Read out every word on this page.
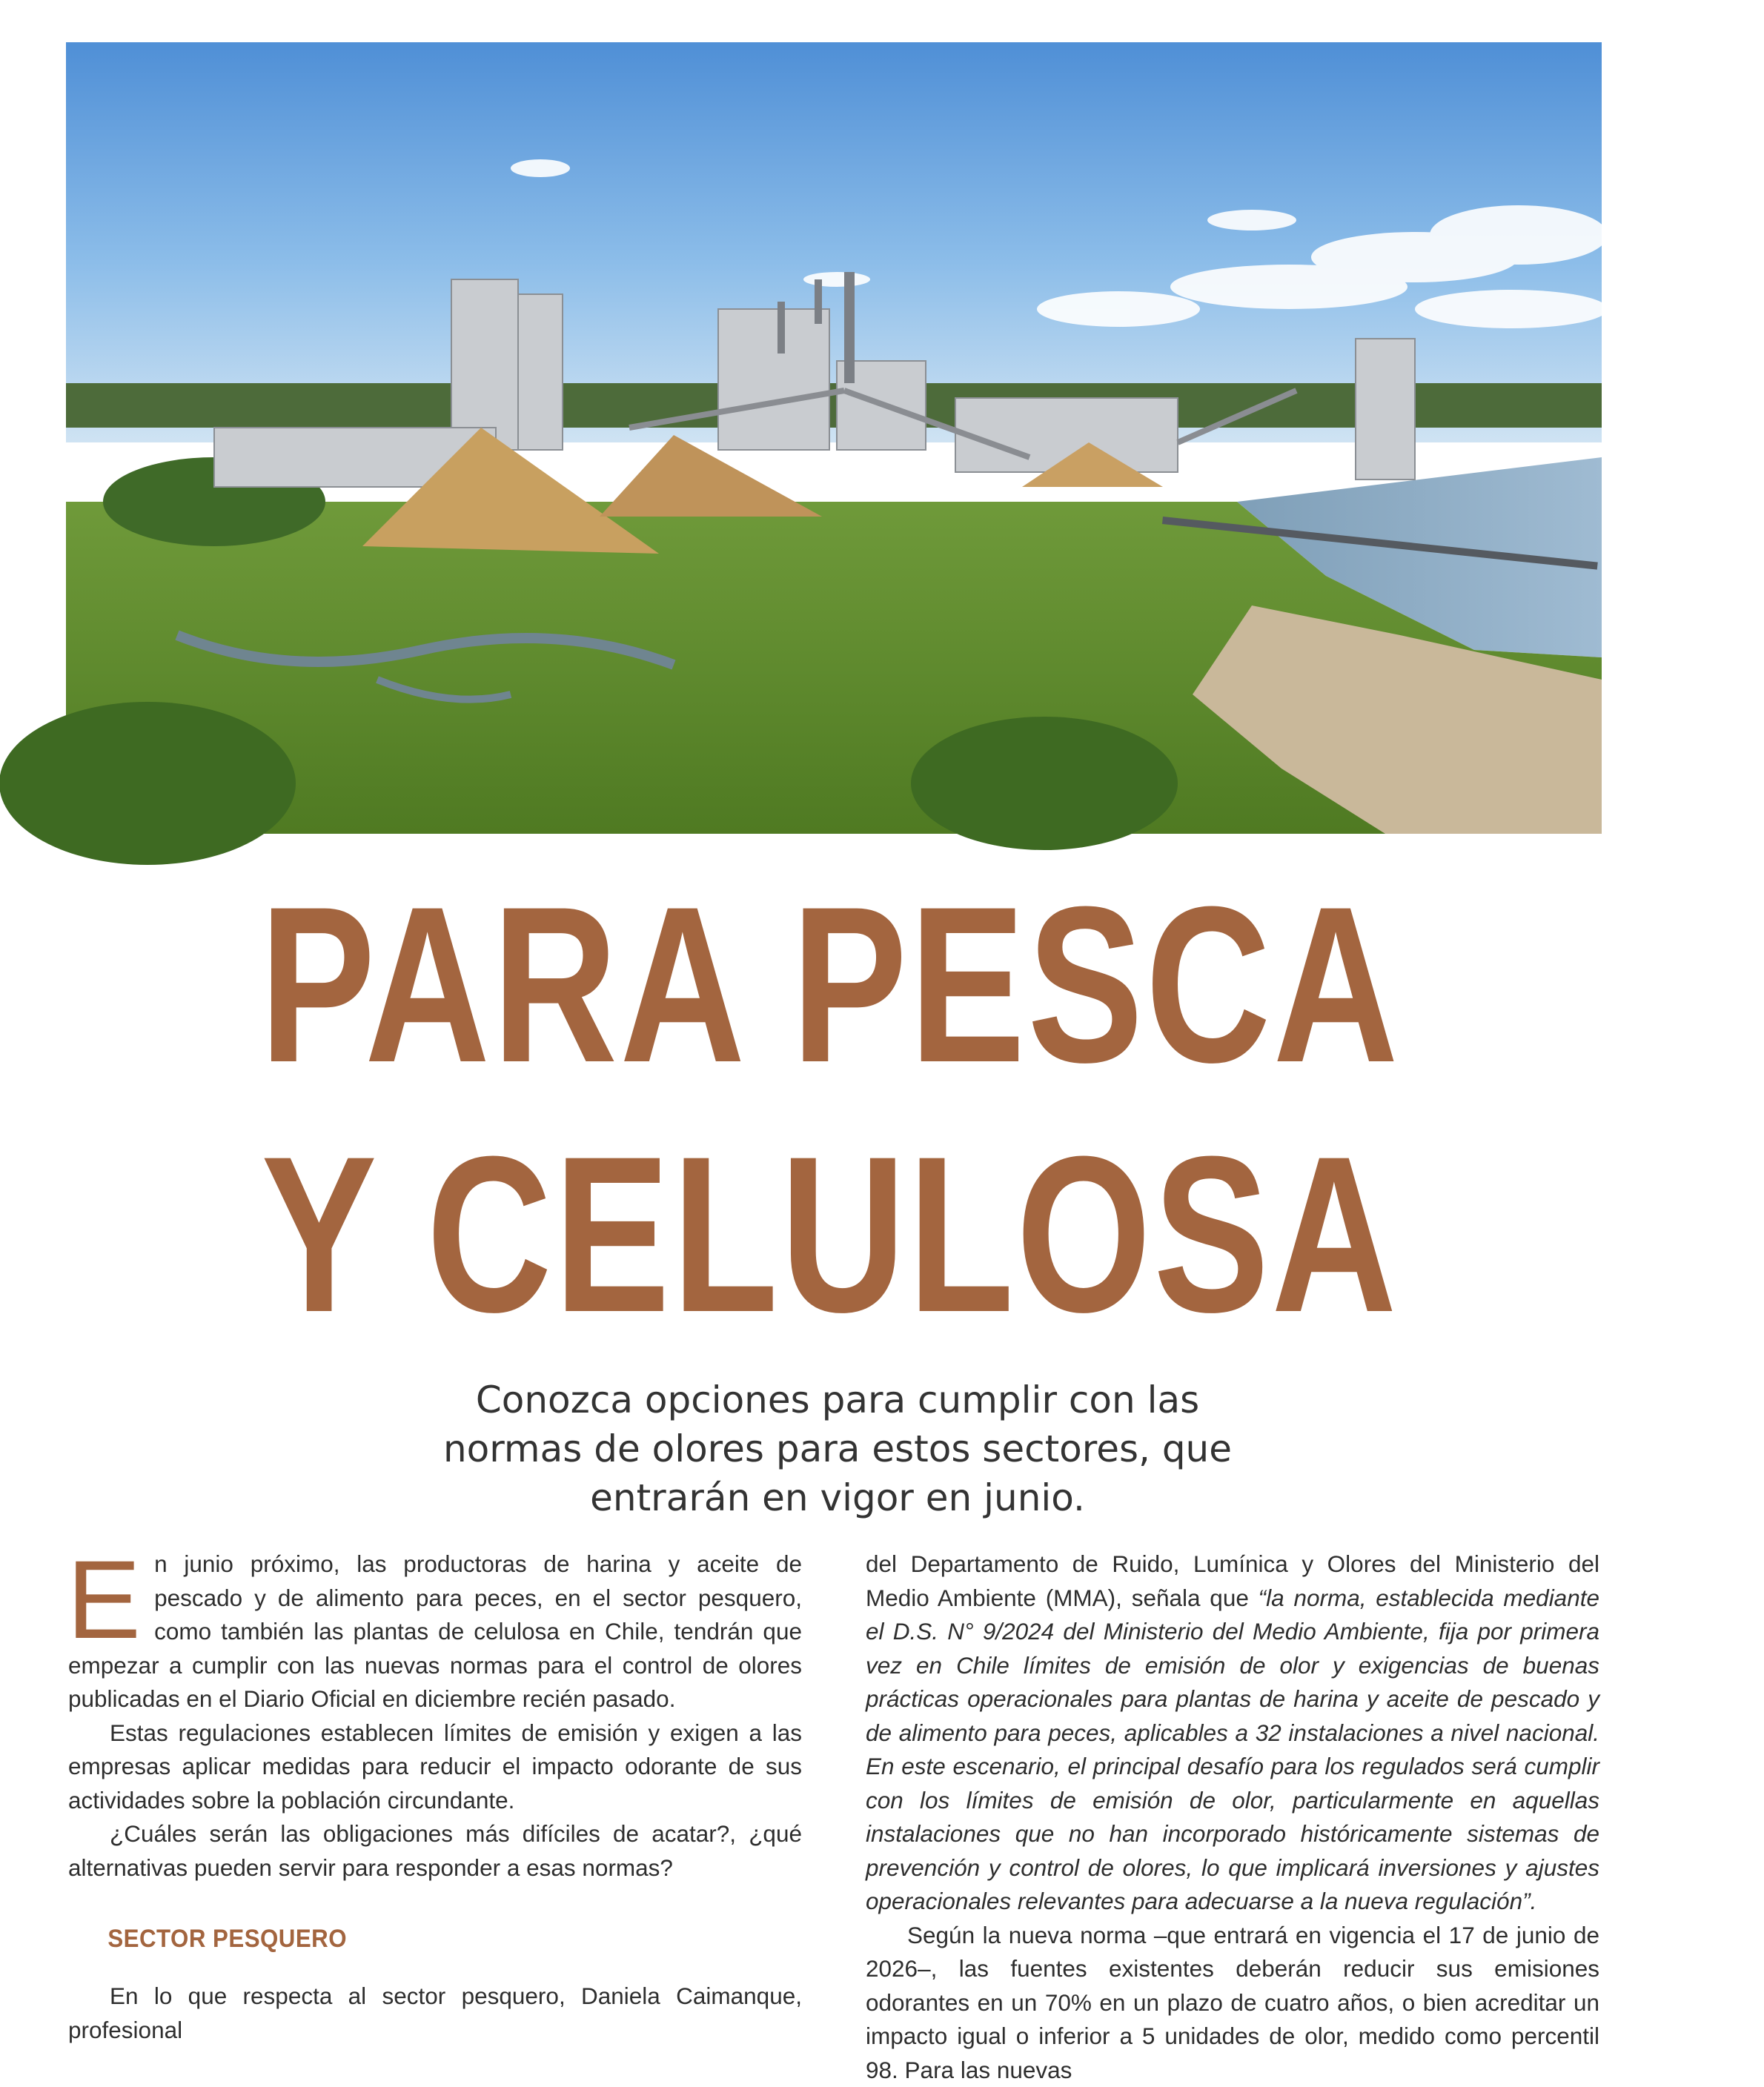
PARA PESCA
Y CELULOSA
Conozca opciones para cumplir con las
normas de olores para estos sectores, que
entrarán en vigor en junio.

En junio próximo, las productoras de harina y aceite de pescado y de alimento para peces, en el sector pesquero, como también las plantas de celulosa en Chile, tendrán que empezar a cumplir con las nuevas normas para el control de olores publicadas en el Diario Oficial en diciembre recién pasado.

Estas regulaciones establecen límites de emisión y exigen a las empresas aplicar medidas para reducir el impacto odorante de sus actividades sobre la población circundante.

¿Cuáles serán las obligaciones más difíciles de acatar?, ¿qué alternativas pueden servir para responder a esas normas?

SECTOR PESQUERO

En lo que respecta al sector pesquero, Daniela Caimanque, profesional

del Departamento de Ruido, Lumínica y Olores del Ministerio del Medio Ambiente (MMA), señala que “la norma, establecida mediante el D.S. N° 9/2024 del Ministerio del Medio Ambiente, fija por primera vez en Chile límites de emisión de olor y exigencias de buenas prácticas operacionales para plantas de harina y aceite de pescado y de alimento para peces, aplicables a 32 instalaciones a nivel nacional. En este escenario, el principal desafío para los regulados será cumplir con los límites de emisión de olor, particularmente en aquellas instalaciones que no han incorporado históricamente sistemas de prevención y control de olores, lo que implicará inversiones y ajustes operacionales relevantes para adecuarse a la nueva regulación”.

Según la nueva norma –que entrará en vigencia el 17 de junio de 2026–, las fuentes existentes deberán reducir sus emisiones odorantes en un 70% en un plazo de cuatro años, o bien acreditar un impacto igual o inferior a 5 unidades de olor, medido como percentil 98. Para las nuevas
